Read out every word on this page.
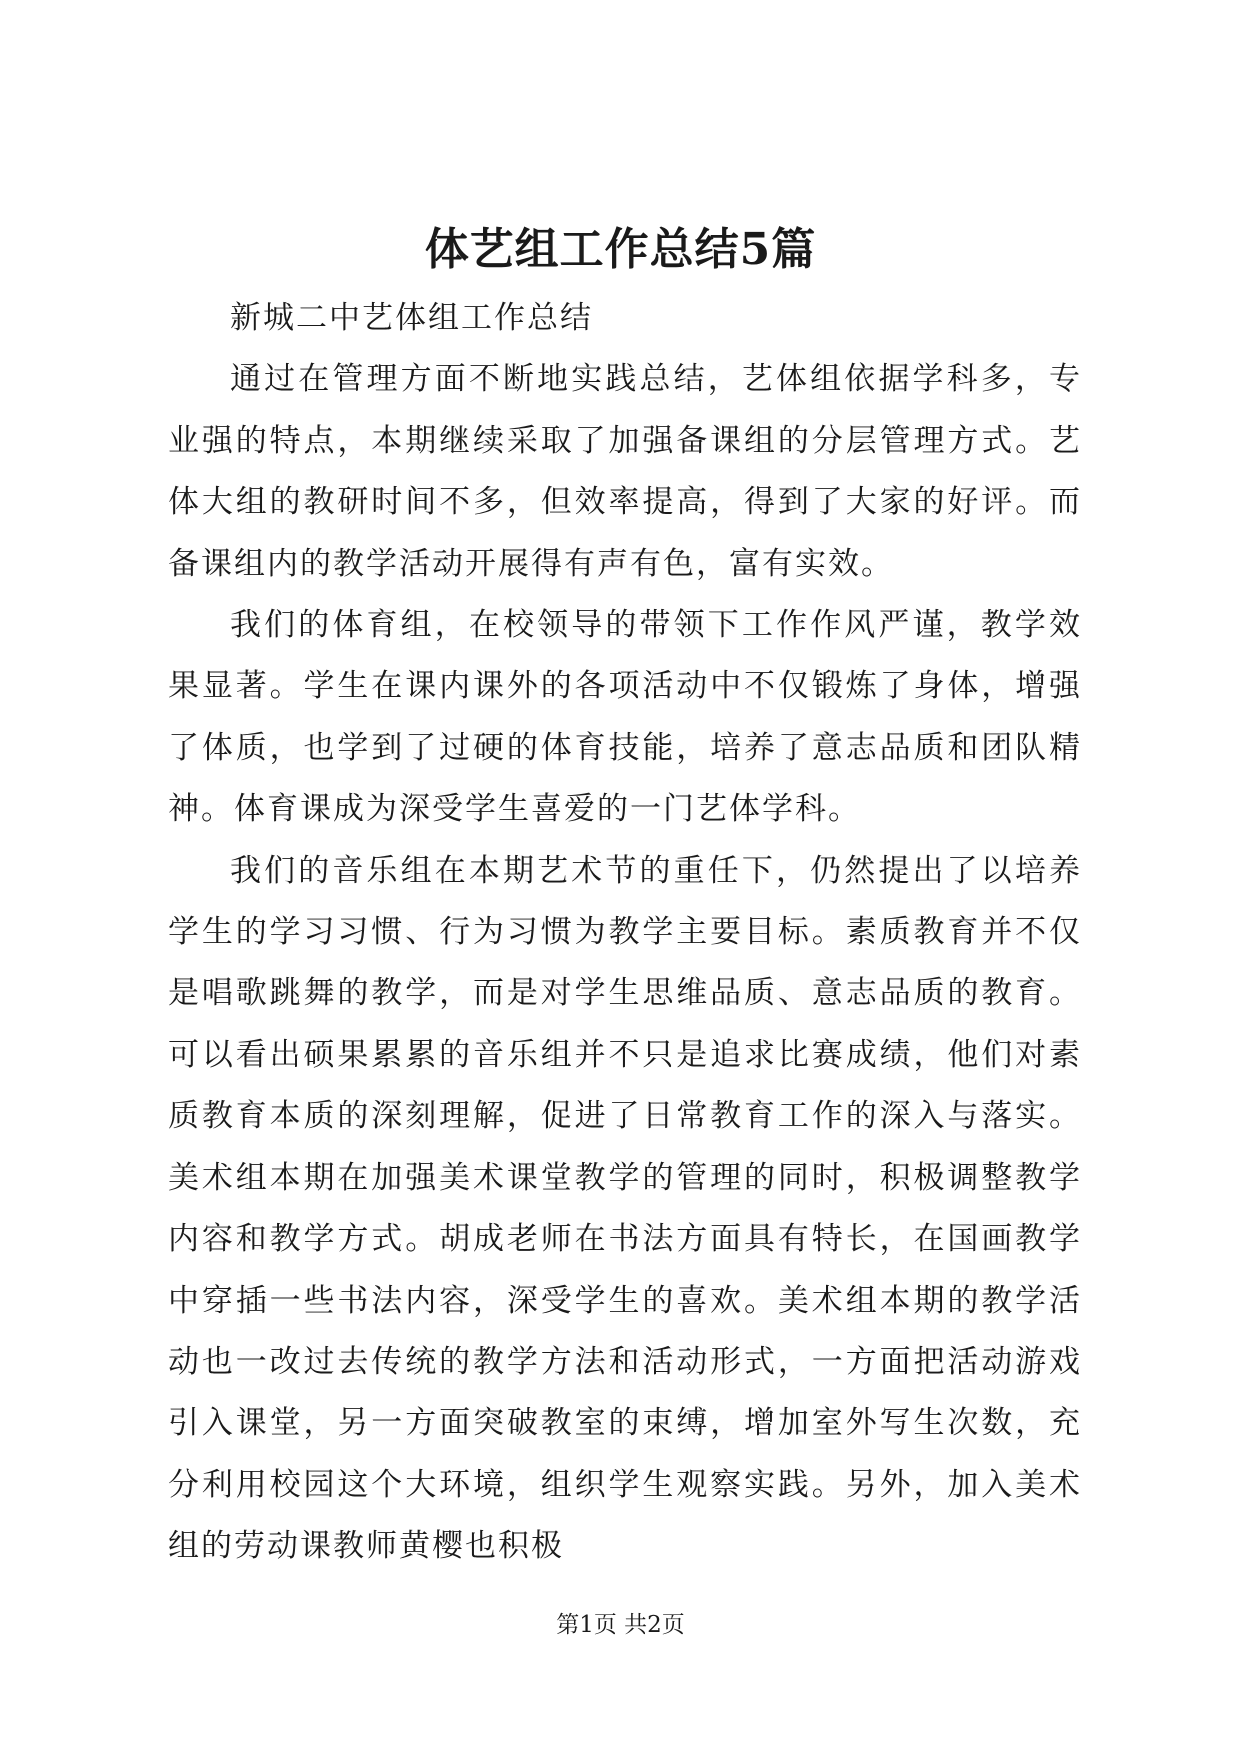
体艺组工作总结5篇

新城二中艺体组工作总结

通过在管理方面不断地实践总结，艺体组依据学科多，专业强的特点，本期继续采取了加强备课组的分层管理方式。艺体大组的教研时间不多，但效率提高，得到了大家的好评。而备课组内的教学活动开展得有声有色，富有实效。

我们的体育组，在校领导的带领下工作作风严谨，教学效果显著。学生在课内课外的各项活动中不仅锻炼了身体，增强了体质，也学到了过硬的体育技能，培养了意志品质和团队精神。体育课成为深受学生喜爱的一门艺体学科。

我们的音乐组在本期艺术节的重任下，仍然提出了以培养学生的学习习惯、行为习惯为教学主要目标。素质教育并不仅是唱歌跳舞的教学，而是对学生思维品质、意志品质的教育。可以看出硕果累累的音乐组并不只是追求比赛成绩，他们对素质教育本质的深刻理解，促进了日常教育工作的深入与落实。美术组本期在加强美术课堂教学的管理的同时，积极调整教学内容和教学方式。胡成老师在书法方面具有特长，在国画教学中穿插一些书法内容，深受学生的喜欢。美术组本期的教学活动也一改过去传统的教学方法和活动形式，一方面把活动游戏引入课堂，另一方面突破教室的束缚，增加室外写生次数，充分利用校园这个大环境，组织学生观察实践。另外，加入美术组的劳动课教师黄樱也积极

第1页 共2页
